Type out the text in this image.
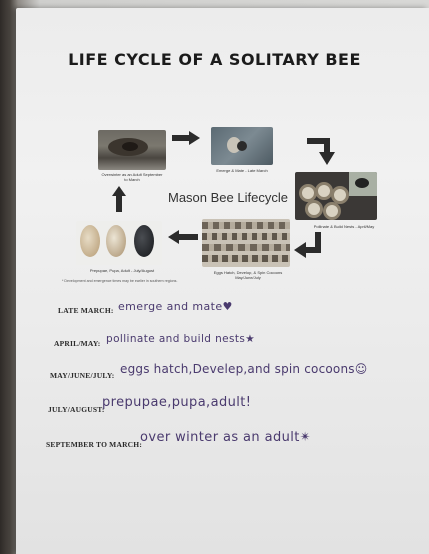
LIFE CYCLE OF A SOLITARY BEE
Overwinter as an Adult September to March
Emerge & Mate - Late March
Pollinate & Build Nests - April/May
Mason Bee Lifecycle
Prepupae, Pupa, Adult - July/August	Eggs Hatch, Develop, & Spin Cocoons May/June/July
* Development and emergence times may be earlier in southern regions.
LATE MARCH: emerge and mate♥
APRIL/MAY: pollinate and build nests★
MAY/JUNE/JULY: eggs hatch,Develep,and spin cocoons☺
JULY/AUGUST:
prepupae,pupa,adult!
SEPTEMBER TO MARCH:
over winter as an adult✴
